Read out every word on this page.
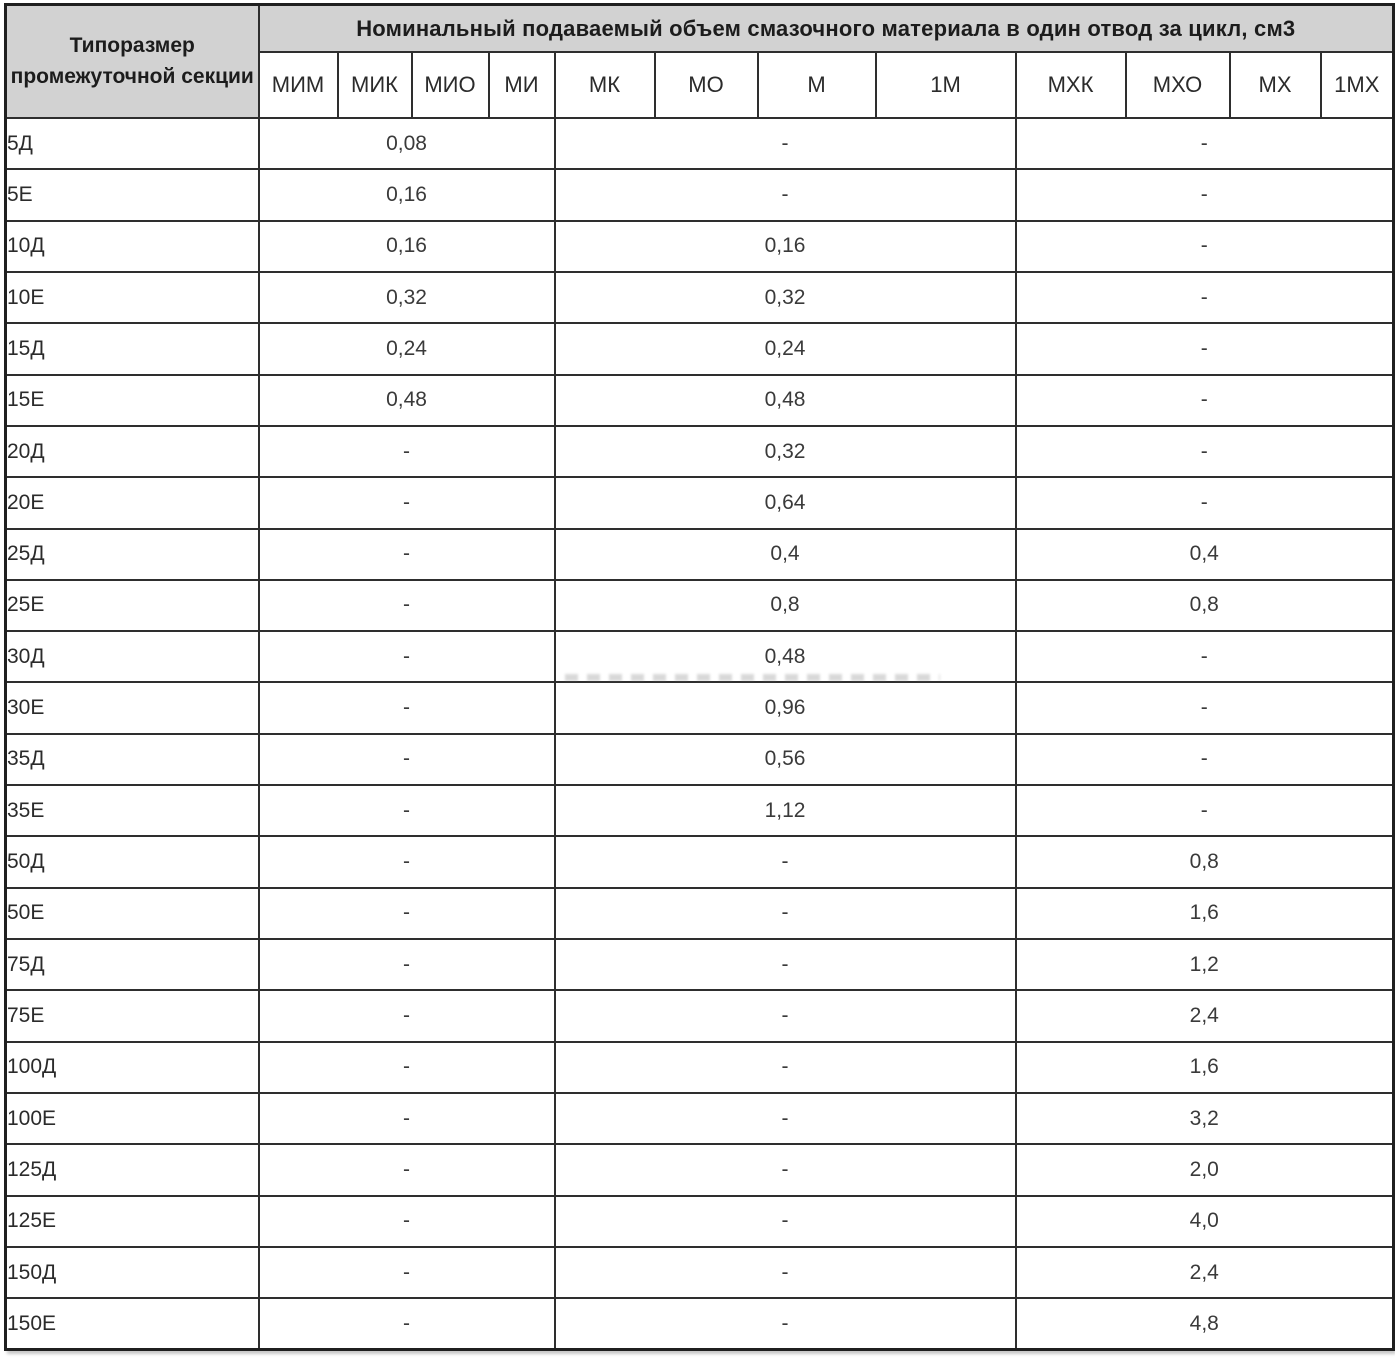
Типоразмер промежуточной секции	Номинальный подаваемый объем смазочного материала в один отвод за цикл, см3											
	МИМ	МИК	МИО	МИ	МК	МО	М	1М	МХК	МХО	МХ	1МХ
5Д	0,08				-				-			
5Е	0,16				-				-			
10Д	0,16				0,16				-			
10Е	0,32				0,32				-			
15Д	0,24				0,24				-			
15Е	0,48				0,48				-			
20Д	-				0,32				-			
20Е	-				0,64				-			
25Д	-				0,4				0,4			
25Е	-				0,8				0,8			
30Д	-				0,48				-			
30Е	-				0,96				-			
35Д	-				0,56				-			
35Е	-				1,12				-			
50Д	-				-				0,8			
50Е	-				-				1,6			
75Д	-				-				1,2			
75Е	-				-				2,4			
100Д	-				-				1,6			
100Е	-				-				3,2			
125Д	-				-				2,0			
125Е	-				-				4,0			
150Д	-				-				2,4			
150Е	-				-				4,8			
